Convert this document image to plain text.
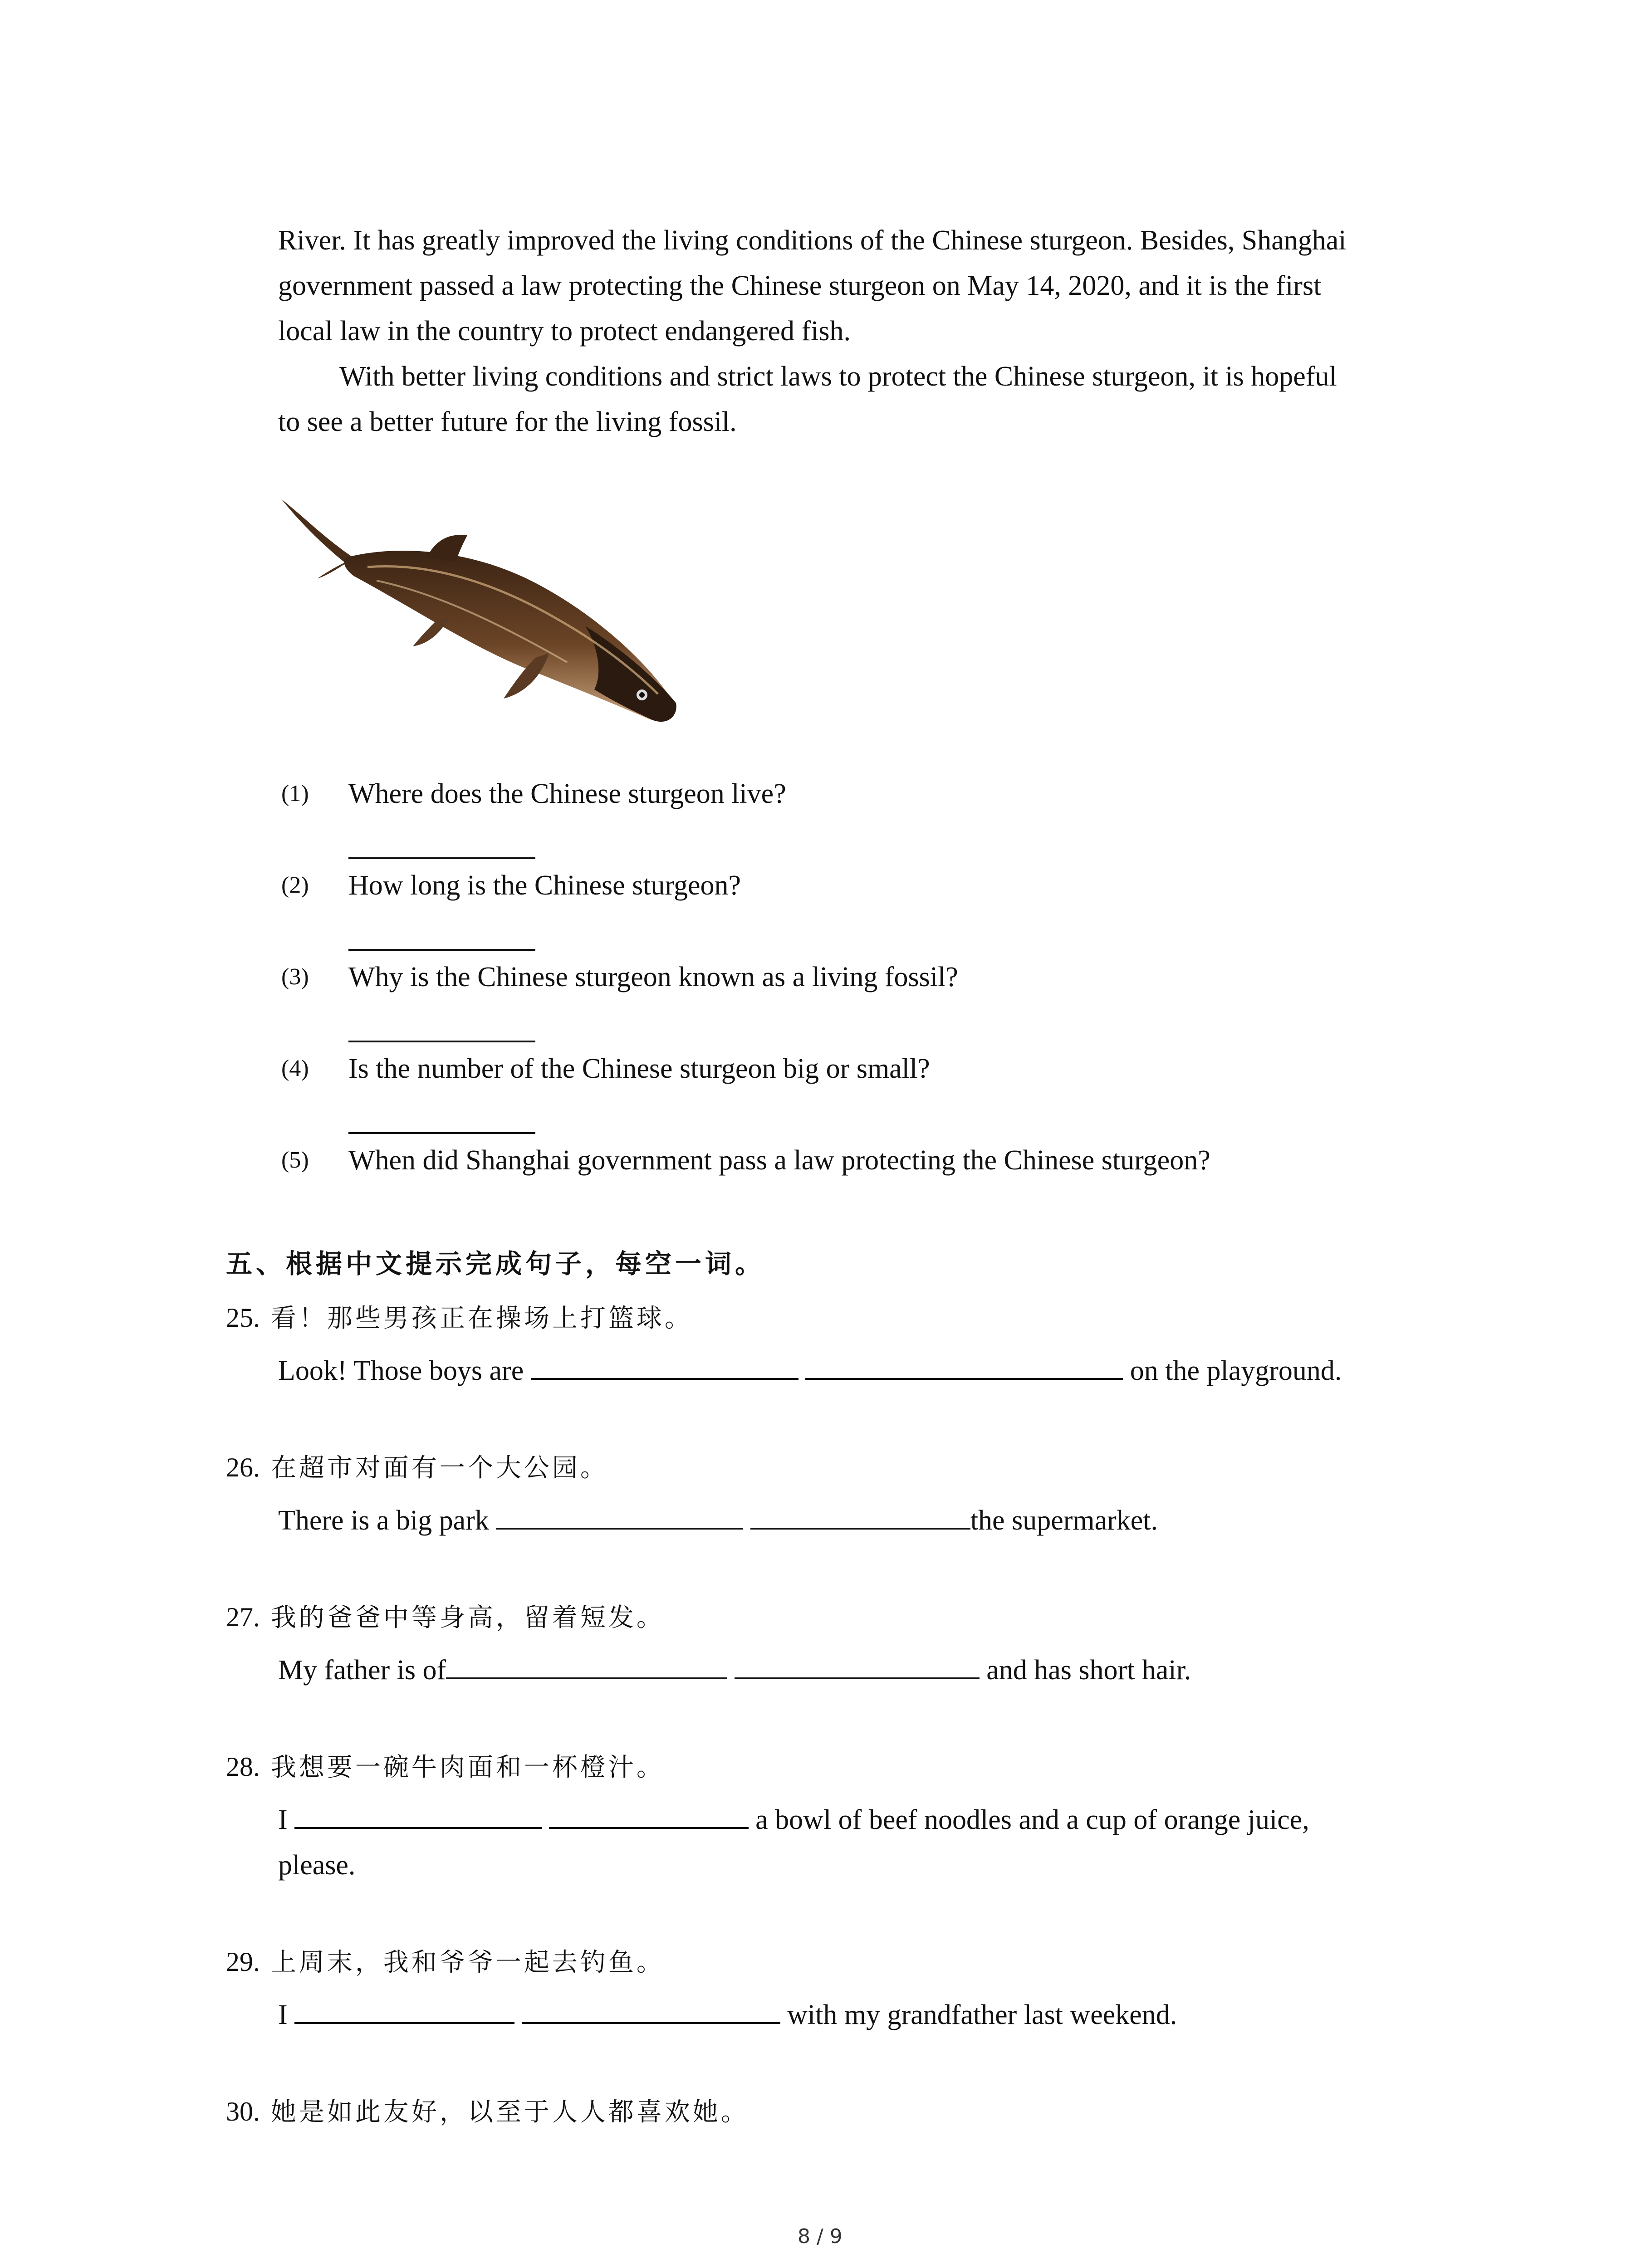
River. It has greatly improved the living conditions of the Chinese sturgeon. Besides, Shanghai
government passed a law protecting the Chinese sturgeon on May 14, 2020, and it is the first
local law in the country to protect endangered fish.
With better living conditions and strict laws to protect the Chinese sturgeon, it is hopeful
to see a better future for the living fossil.
(1) Where does the Chinese sturgeon live?
(2) How long is the Chinese sturgeon?
(3) Why is the Chinese sturgeon known as a living fossil?
(4) Is the number of the Chinese sturgeon big or small?
(5) When did Shanghai government pass a law protecting the Chinese sturgeon?
五、根据中文提示完成句子，每空一词。
25. 看！那些男孩正在操场上打篮球。
Look! Those boys are	on the playground.
26. 在超市对面有一个大公园。
There is a big park	the supermarket.
27. 我的爸爸中等身高，留着短发。
My father is of	and has short hair.
28. 我想要一碗牛肉面和一杯橙汁。
I	a bowl of beef noodles and a cup of orange juice,
please.
29. 上周末，我和爷爷一起去钓鱼。
I	with my grandfather last weekend.
30. 她是如此友好，以至于人人都喜欢她。
8 / 9
